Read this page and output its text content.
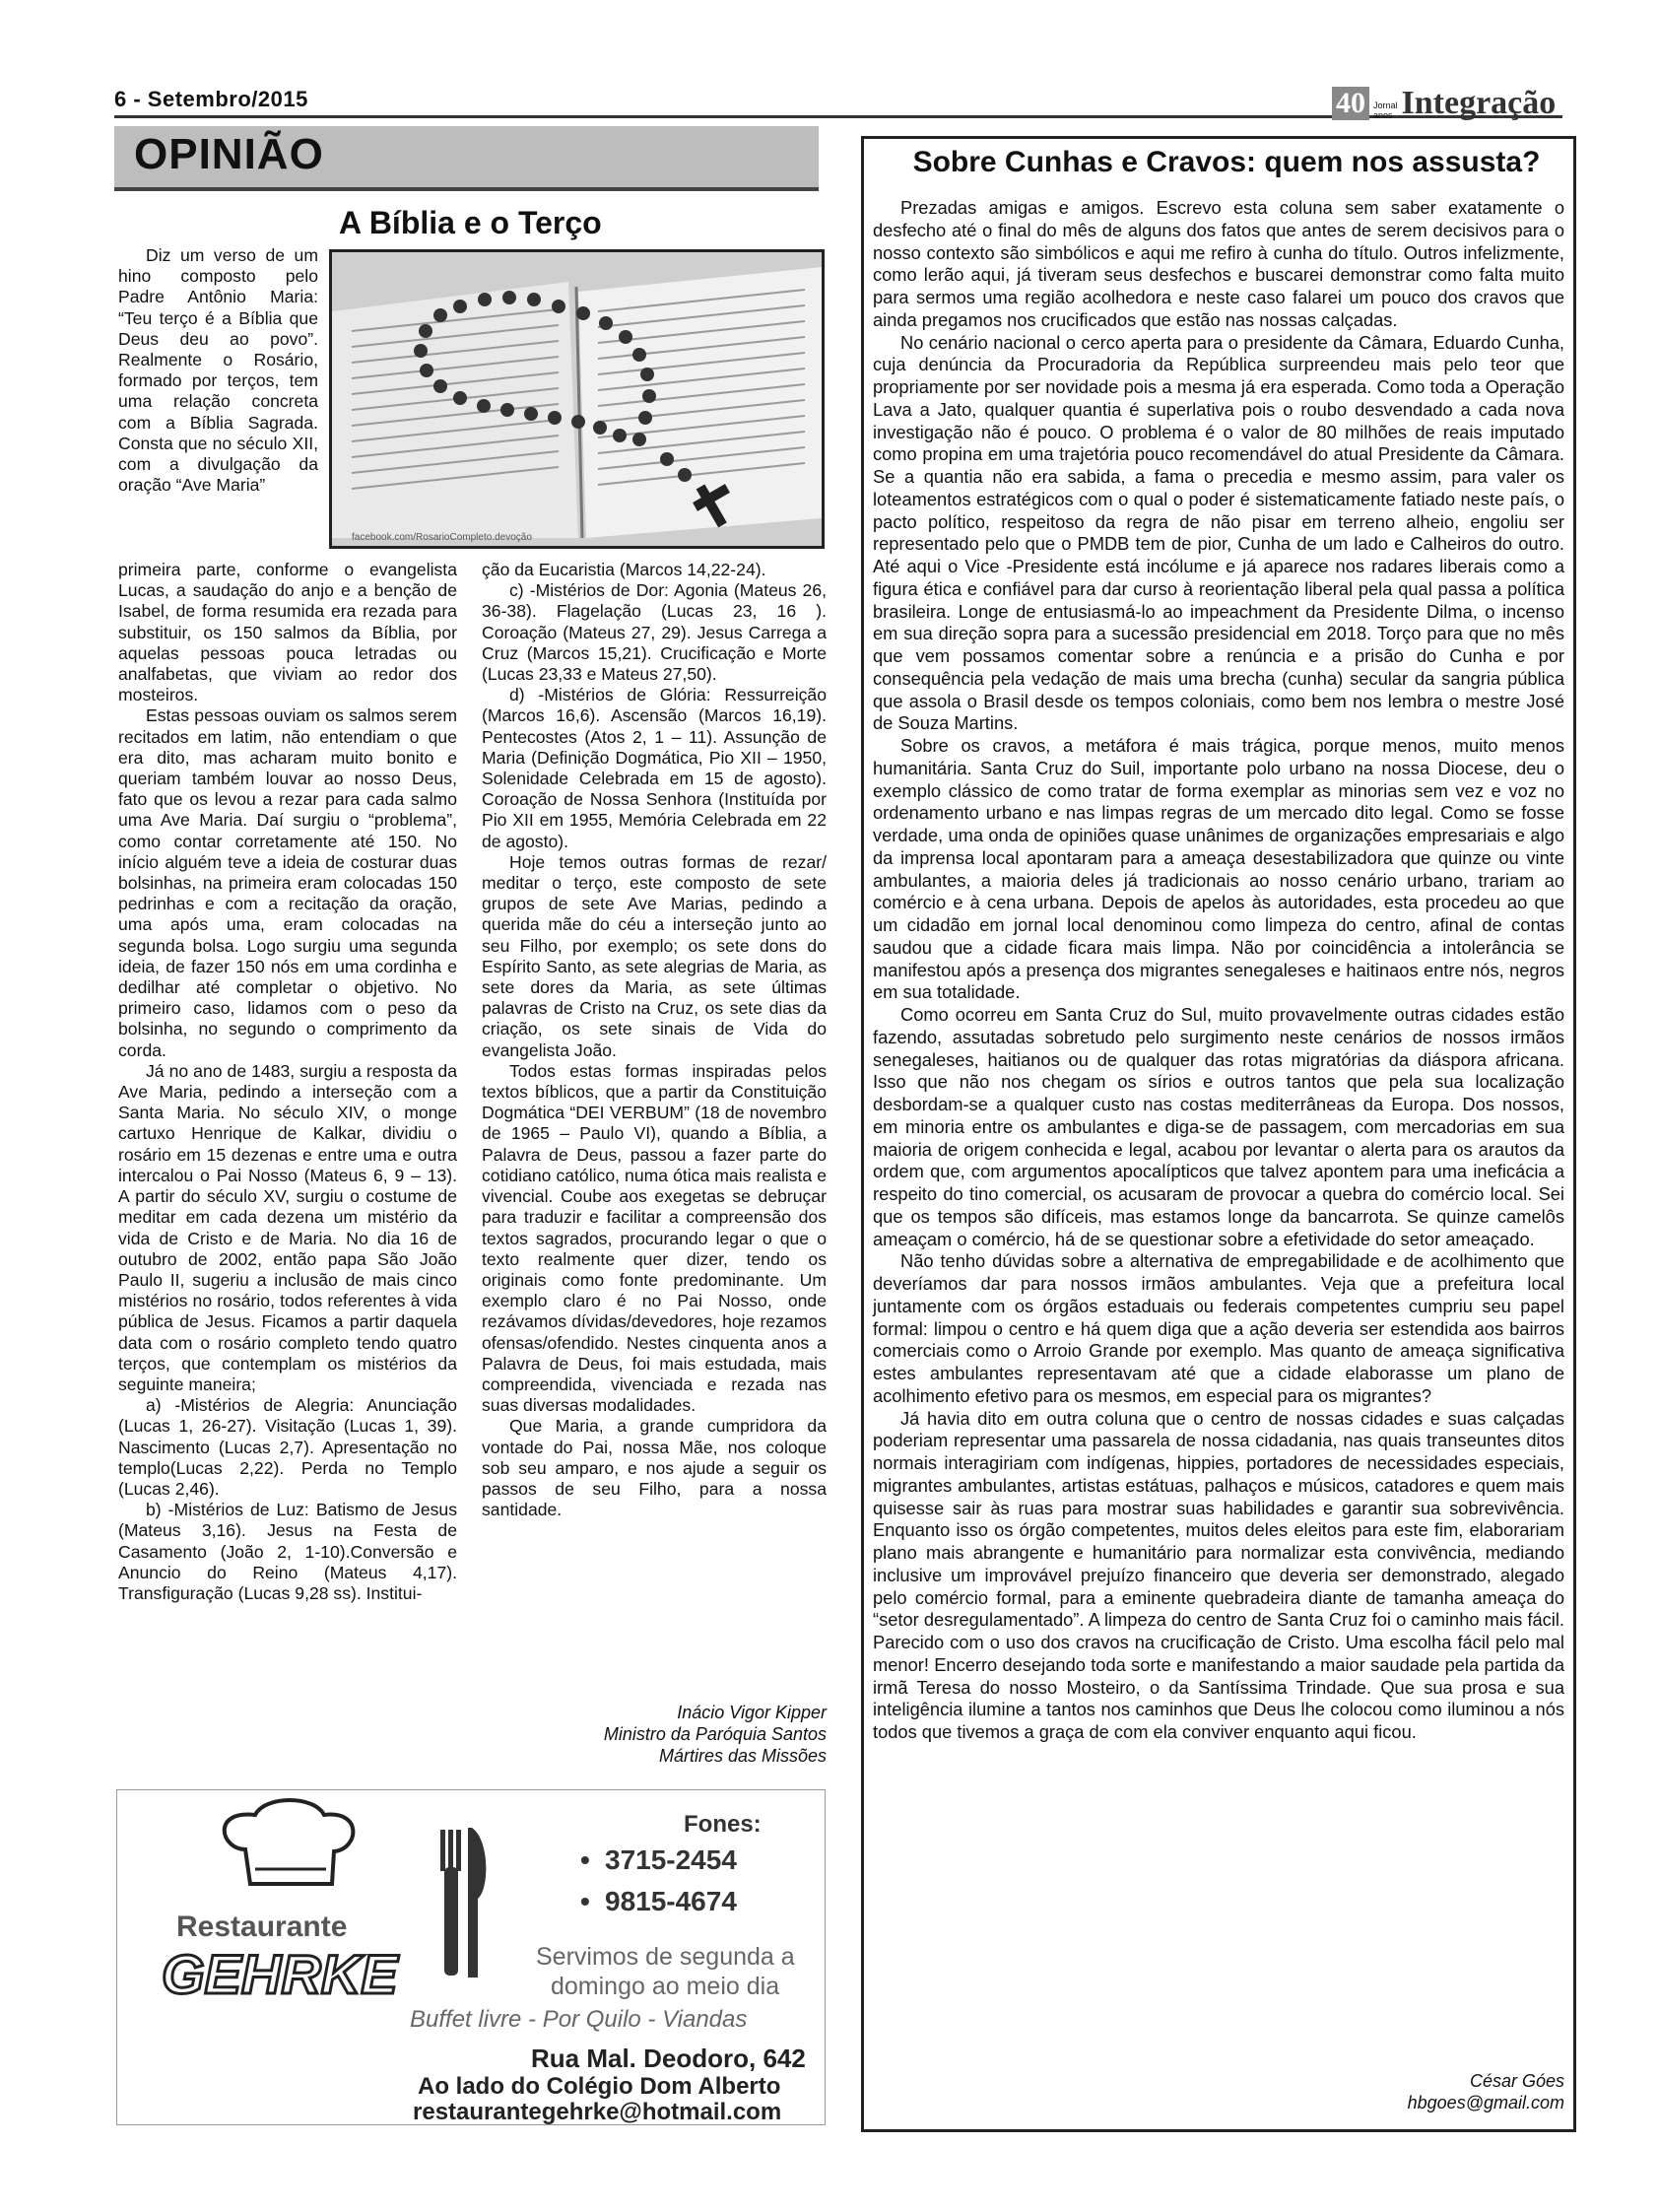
6 - Setembro/2015	40 Jornal
anos Integração
OPINIÃO
A Bíblia e o Terço
facebook.com/RosarioCompleto.devoção

Diz um verso de um hino composto pelo Padre Antônio Maria: “Teu terço é a Bíblia que Deus deu ao povo”. Realmente o Rosário, formado por terços, tem uma relação concreta com a Bíblia Sagrada. Consta que no século XII, com a divulgação da oração “Ave Maria”

primeira parte, conforme o evangelista Lucas, a saudação do anjo e a benção de Isabel, de forma resumida era rezada para substituir, os 150 salmos da Bíblia, por aquelas pessoas pouca letradas ou analfabetas, que viviam ao redor dos mosteiros.

Estas pessoas ouviam os salmos serem recitados em latim, não entendiam o que era dito, mas acharam muito bonito e queriam também louvar ao nosso Deus, fato que os levou a rezar para cada salmo uma Ave Maria. Daí surgiu o “problema”, como contar corretamente até 150. No início alguém teve a ideia de costurar duas bolsinhas, na primeira eram colocadas 150 pedrinhas e com a recitação da oração, uma após uma, eram colocadas na segunda bolsa. Logo surgiu uma segunda ideia, de fazer 150 nós em uma cordinha e dedilhar até completar o objetivo. No primeiro caso, lidamos com o peso da bolsinha, no segundo o comprimento da corda.

Já no ano de 1483, surgiu a resposta da Ave Maria, pedindo a interseção com a Santa Maria. No século XIV, o monge cartuxo Henrique de Kalkar, dividiu o rosário em 15 dezenas e entre uma e outra intercalou o Pai Nosso (Mateus 6, 9 – 13). A partir do século XV, surgiu o costume de meditar em cada dezena um mistério da vida de Cristo e de Maria. No dia 16 de outubro de 2002, então papa São João Paulo II, sugeriu a inclusão de mais cinco mistérios no rosário, todos referentes à vida pública de Jesus. Ficamos a partir daquela data com o rosário completo tendo quatro terços, que contemplam os mistérios da seguinte maneira;

a) -Mistérios de Alegria: Anunciação (Lucas 1, 26-27). Visitação (Lucas 1, 39). Nascimento (Lucas 2,7). Apresentação no templo(Lucas 2,22). Perda no Templo (Lucas 2,46).

b) -Mistérios de Luz: Batismo de Jesus (Mateus 3,16). Jesus na Festa de Casamento (João 2, 1-10).Conversão e Anuncio do Reino (Mateus 4,17). Transfiguração (Lucas 9,28 ss). Institui-

ção da Eucaristia (Marcos 14,22-24).

c) -Mistérios de Dor: Agonia (Mateus 26, 36-38). Flagelação (Lucas 23, 16 ). Coroação (Mateus 27, 29). Jesus Carrega a Cruz (Marcos 15,21). Crucificação e Morte (Lucas 23,33 e Mateus 27,50).

d) -Mistérios de Glória: Ressurreição (Marcos 16,6). Ascensão (Marcos 16,19). Pentecostes (Atos 2, 1 – 11). Assunção de Maria (Definição Dogmática, Pio XII – 1950, Solenidade Celebrada em 15 de agosto). Coroação de Nossa Senhora (Instituída por Pio XII em 1955, Memória Celebrada em 22 de agosto).

Hoje temos outras formas de rezar/ meditar o terço, este composto de sete grupos de sete Ave Marias, pedindo a querida mãe do céu a interseção junto ao seu Filho, por exemplo; os sete dons do Espírito Santo, as sete alegrias de Maria, as sete dores da Maria, as sete últimas palavras de Cristo na Cruz, os sete dias da criação, os sete sinais de Vida do evangelista João.

Todos estas formas inspiradas pelos textos bíblicos, que a partir da Constituição Dogmática “DEI VERBUM” (18 de novembro de 1965 – Paulo VI), quando a Bíblia, a Palavra de Deus, passou a fazer parte do cotidiano católico, numa ótica mais realista e vivencial. Coube aos exegetas se debruçar para traduzir e facilitar a compreensão dos textos sagrados, procurando legar o que o texto realmente quer dizer, tendo os originais como fonte predominante. Um exemplo claro é no Pai Nosso, onde rezávamos dívidas/devedores, hoje rezamos ofensas/ofendido. Nestes cinquenta anos a Palavra de Deus, foi mais estudada, mais compreendida, vivenciada e rezada nas suas diversas modalidades.

Que Maria, a grande cumpridora da vontade do Pai, nossa Mãe, nos coloque sob seu amparo, e nos ajude a seguir os passos de seu Filho, para a nossa santidade.

Inácio Vigor Kipper
Ministro da Paróquia Santos
Mártires das Missões
Restaurante
GEHRKE
Fones:
• 3715-2454
• 9815-4674
Servimos de segunda a
domingo ao meio dia
Buffet livre - Por Quilo - Viandas
Rua Mal. Deodoro, 642
Ao lado do Colégio Dom Alberto
restaurantegehrke@hotmail.com
Sobre Cunhas e Cravos: quem nos assusta?

Prezadas amigas e amigos. Escrevo esta coluna sem saber exatamente o desfecho até o final do mês de alguns dos fatos que antes de serem decisivos para o nosso contexto são simbólicos e aqui me refiro à cunha do título. Outros infelizmente, como lerão aqui, já tiveram seus desfechos e buscarei demonstrar como falta muito para sermos uma região acolhedora e neste caso falarei um pouco dos cravos que ainda pregamos nos crucificados que estão nas nossas calçadas.

No cenário nacional o cerco aperta para o presidente da Câmara, Eduardo Cunha, cuja denúncia da Procuradoria da República surpreendeu mais pelo teor que propriamente por ser novidade pois a mesma já era esperada. Como toda a Operação Lava a Jato, qualquer quantia é superlativa pois o roubo desvendado a cada nova investigação não é pouco. O problema é o valor de 80 milhões de reais imputado como propina em uma trajetória pouco recomendável do atual Presidente da Câmara. Se a quantia não era sabida, a fama o precedia e mesmo assim, para valer os loteamentos estratégicos com o qual o poder é sistematicamente fatiado neste país, o pacto político, respeitoso da regra de não pisar em terreno alheio, engoliu ser representado pelo que o PMDB tem de pior, Cunha de um lado e Calheiros do outro. Até aqui o Vice -Presidente está incólume e já aparece nos radares liberais como a figura ética e confiável para dar curso à reorientação liberal pela qual passa a política brasileira. Longe de entusiasmá-lo ao impeachment da Presidente Dilma, o incenso em sua direção sopra para a sucessão presidencial em 2018. Torço para que no mês que vem possamos comentar sobre a renúncia e a prisão do Cunha e por consequência pela vedação de mais uma brecha (cunha) secular da sangria pública que assola o Brasil desde os tempos coloniais, como bem nos lembra o mestre José de Souza Martins.

Sobre os cravos, a metáfora é mais trágica, porque menos, muito menos humanitária. Santa Cruz do Suil, importante polo urbano na nossa Diocese, deu o exemplo clássico de como tratar de forma exemplar as minorias sem vez e voz no ordenamento urbano e nas limpas regras de um mercado dito legal. Como se fosse verdade, uma onda de opiniões quase unânimes de organizações empresariais e algo da imprensa local apontaram para a ameaça desestabilizadora que quinze ou vinte ambulantes, a maioria deles já tradicionais ao nosso cenário urbano, trariam ao comércio e à cena urbana. Depois de apelos às autoridades, esta procedeu ao que um cidadão em jornal local denominou como limpeza do centro, afinal de contas saudou que a cidade ficara mais limpa. Não por coincidência a intolerância se manifestou após a presença dos migrantes senegaleses e haitinaos entre nós, negros em sua totalidade.

Como ocorreu em Santa Cruz do Sul, muito provavelmente outras cidades estão fazendo, assutadas sobretudo pelo surgimento neste cenários de nossos irmãos senegaleses, haitianos ou de qualquer das rotas migratórias da diáspora africana. Isso que não nos chegam os sírios e outros tantos que pela sua localização desbordam-se a qualquer custo nas costas mediterrâneas da Europa. Dos nossos, em minoria entre os ambulantes e diga-se de passagem, com mercadorias em sua maioria de origem conhecida e legal, acabou por levantar o alerta para os arautos da ordem que, com argumentos apocalípticos que talvez apontem para uma ineficácia a respeito do tino comercial, os acusaram de provocar a quebra do comércio local. Sei que os tempos são difíceis, mas estamos longe da bancarrota. Se quinze camelôs ameaçam o comércio, há de se questionar sobre a efetividade do setor ameaçado.

Não tenho dúvidas sobre a alternativa de empregabilidade e de acolhimento que deveríamos dar para nossos irmãos ambulantes. Veja que a prefeitura local juntamente com os órgãos estaduais ou federais competentes cumpriu seu papel formal: limpou o centro e há quem diga que a ação deveria ser estendida aos bairros comerciais como o Arroio Grande por exemplo. Mas quanto de ameaça significativa estes ambulantes representavam até que a cidade elaborasse um plano de acolhimento efetivo para os mesmos, em especial para os migrantes?

Já havia dito em outra coluna que o centro de nossas cidades e suas calçadas poderiam representar uma passarela de nossa cidadania, nas quais transeuntes ditos normais interagiriam com indígenas, hippies, portadores de necessidades especiais, migrantes ambulantes, artistas estátuas, palhaços e músicos, catadores e quem mais quisesse sair às ruas para mostrar suas habilidades e garantir sua sobrevivência. Enquanto isso os órgão competentes, muitos deles eleitos para este fim, elaborariam plano mais abrangente e humanitário para normalizar esta convivência, mediando inclusive um improvável prejuízo financeiro que deveria ser demonstrado, alegado pelo comércio formal, para a eminente quebradeira diante de tamanha ameaça do “setor desregulamentado”. A limpeza do centro de Santa Cruz foi o caminho mais fácil. Parecido com o uso dos cravos na crucificação de Cristo. Uma escolha fácil pelo mal menor! Encerro desejando toda sorte e manifestando a maior saudade pela partida da irmã Teresa do nosso Mosteiro, o da Santíssima Trindade. Que sua prosa e sua inteligência ilumine a tantos nos caminhos que Deus lhe colocou como iluminou a nós todos que tivemos a graça de com ela conviver enquanto aqui ficou.

César Góes
hbgoes@gmail.com
